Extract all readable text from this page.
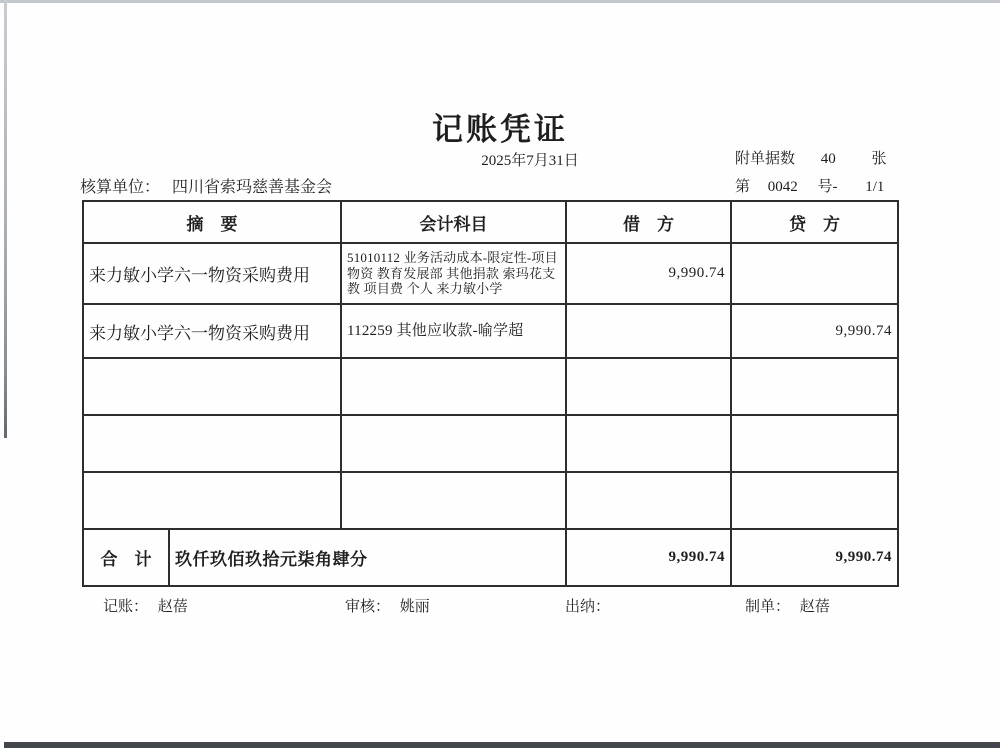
记账凭证
2025年7月31日	附单据数 40 张
核算单位： 四川省索玛慈善基金会	第 0042 号- 1/1
摘　要		会计科目	借　方	贷　方
来力敏小学六一物资采购费用		51010112 业务活动成本-限定性-项目物资 教育发展部 其他捐款 索玛花支教 项目费 个人 来力敏小学	9,990.74	
来力敏小学六一物资采购费用		112259 其他应收款-喻学超		9,990.74

合　计	玖仟玖佰玖拾元柒角肆分		9,990.74	9,990.74
记账： 赵蓓	审核： 姚丽	出纳：	制单： 赵蓓
